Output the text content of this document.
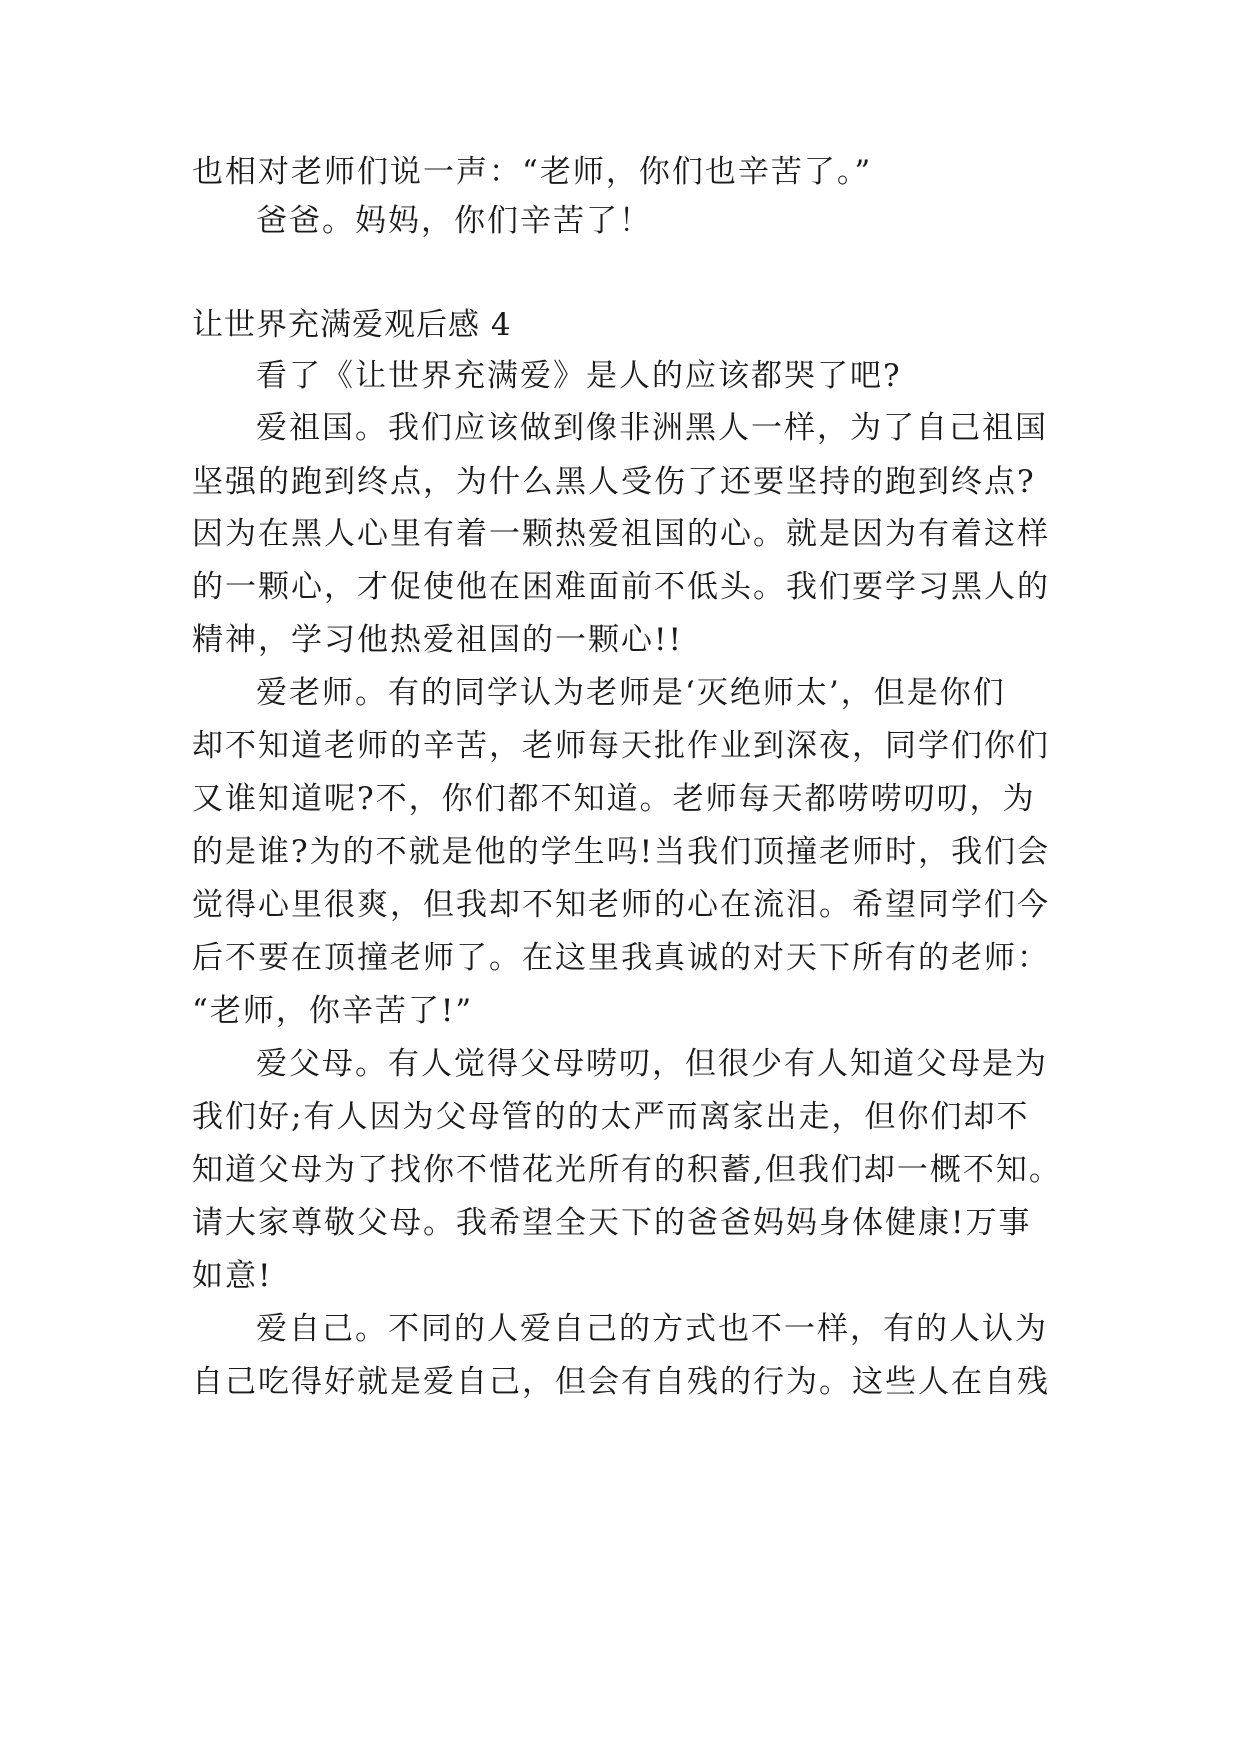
也相对老师们说一声：“老师，你们也辛苦了。”
爸爸。妈妈，你们辛苦了！
让世界充满爱观后感 4
看了《让世界充满爱》是人的应该都哭了吧?
爱祖国。我们应该做到像非洲黑人一样，为了自己祖国
坚强的跑到终点，为什么黑人受伤了还要坚持的跑到终点?
因为在黑人心里有着一颗热爱祖国的心。就是因为有着这样
的一颗心，才促使他在困难面前不低头。我们要学习黑人的
精神，学习他热爱祖国的一颗心!!
爱老师。有的同学认为老师是‘灭绝师太’，但是你们
却不知道老师的辛苦，老师每天批作业到深夜，同学们你们
又谁知道呢?不，你们都不知道。老师每天都唠唠叨叨，为
的是谁?为的不就是他的学生吗!当我们顶撞老师时，我们会
觉得心里很爽，但我却不知老师的心在流泪。希望同学们今
后不要在顶撞老师了。在这里我真诚的对天下所有的老师：
“老师，你辛苦了!”
爱父母。有人觉得父母唠叨，但很少有人知道父母是为
我们好;有人因为父母管的的太严而离家出走，但你们却不
知道父母为了找你不惜花光所有的积蓄,但我们却一概不知。
请大家尊敬父母。我希望全天下的爸爸妈妈身体健康!万事
如意!
爱自己。不同的人爱自己的方式也不一样，有的人认为
自己吃得好就是爱自己，但会有自残的行为。这些人在自残
